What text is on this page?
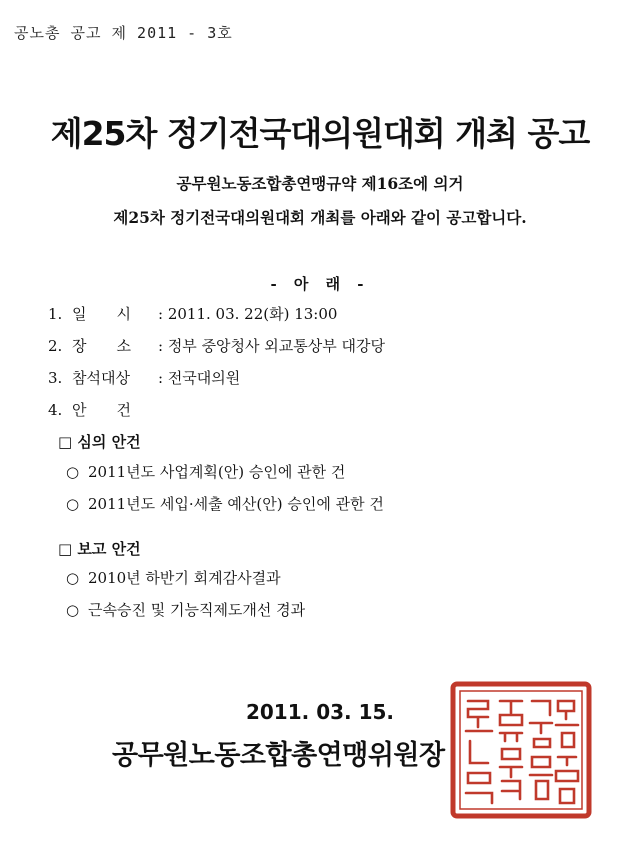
공노총 공고 제 2011 - 3호
제25차 정기전국대의원대회 개최 공고
공무원노동조합총연맹규약 제16조에 의거
제25차 정기전국대의원대회 개최를 아래와 같이 공고합니다.
- 아 래 -
1. 일　　시 : 2011. 03. 22(화) 13:00
2. 장　　소 : 정부 중앙청사 외교통상부 대강당
3. 참석대상 : 전국대의원
4. 안　　건
□ 심의 안건
○ 2011년도 사업계획(안) 승인에 관한 건
○ 2011년도 세입·세출 예산(안) 승인에 관한 건
□ 보고 안건
○ 2010년 하반기 회계감사결과
○ 근속승진 및 기능직제도개선 경과
2011. 03. 15.
공무원노동조합총연맹위원장
